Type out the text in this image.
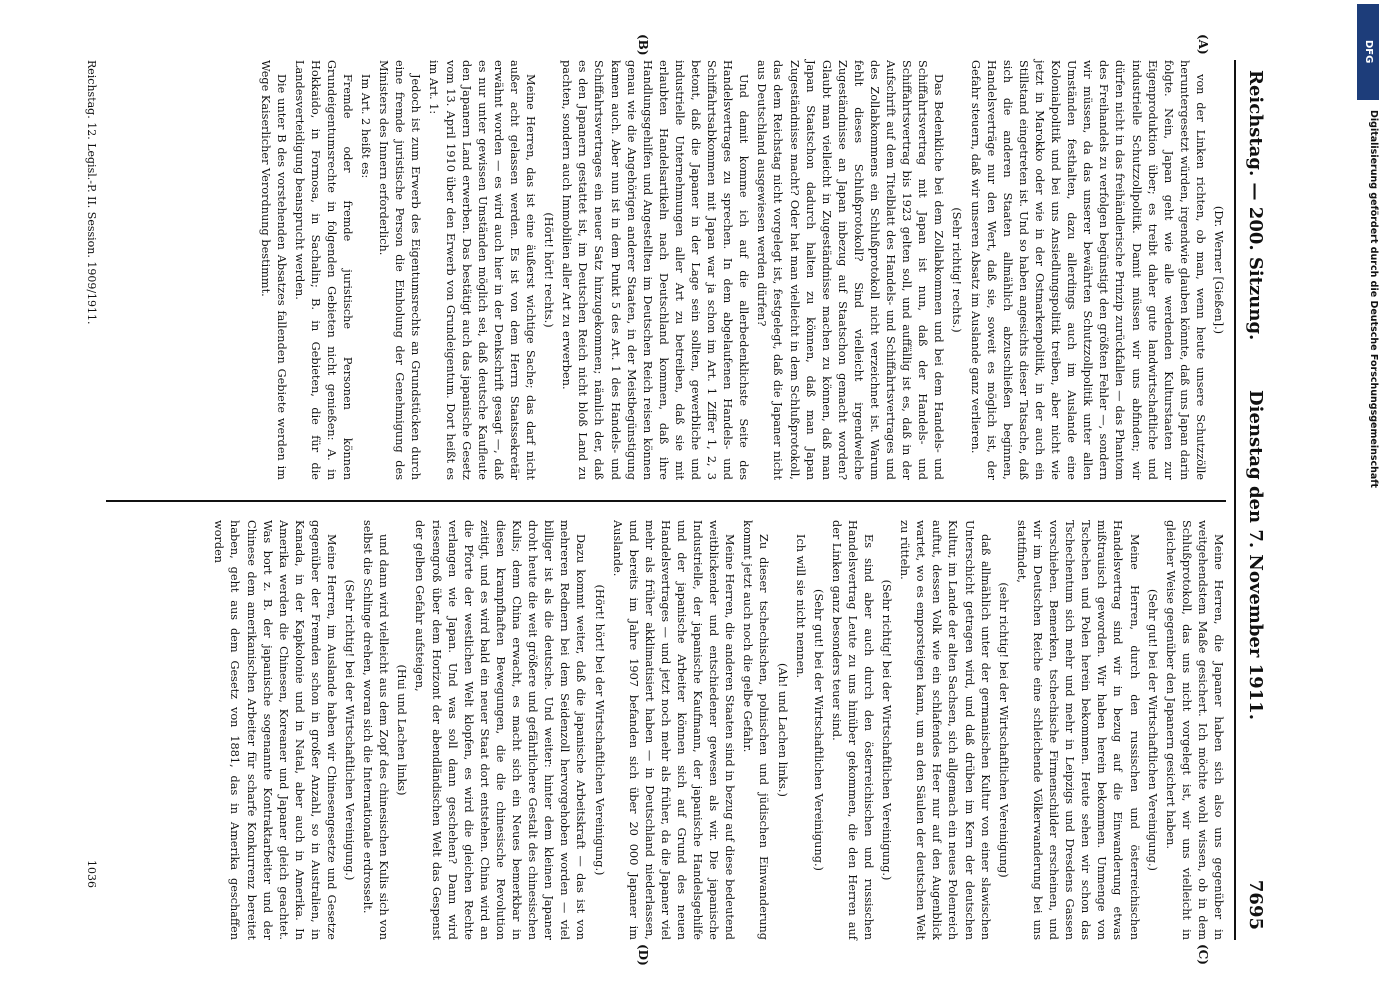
Reichstag. — 200. Sitzung.
Dienstag den 7. November 1911.
7695
(A)
(B)
(C)
(D)

(Dr. Werner [Gießen].)

von der Linken richten, ob man, wenn heute unsere Schutzzölle heruntergesetzt würden, irgendwie glauben könnte, daß uns Japan darin folgte. Nein, Japan geht wie alle werdenden Kulturstaaten zur Eigenproduktion über; es treibt daher gute landwirtschaftliche und industrielle Schutzzollpolitik. Damit müssen wir uns abfinden; wir dürfen nicht in das freihändlerische Prinzip zurückfallen — das Phantom des Freihandels zu verfolgen begünstigt den größten Fehler —, sondern wir müssen, da das unserer bewährten Schutzzollpolitik unter allen Umständen festhalten, dazu allerdings auch im Auslande eine Kolonialpolitik und bei uns Ansiedlungspolitik treiben, aber nicht wie jetzt in Marokko oder wie in der Ostmarkenpolitik, in der auch ein Stillstand eingetreten ist. Und so haben angesichts dieser Tatsache, daß sich die anderen Staaten allmählich abzuschließen beginnen, Handelsverträge nur den Wert, daß sie, soweit es möglich ist, der Gefahr steuern, daß wir unseren Absatz im Auslande ganz verlieren.

(Sehr richtig! rechts.)

Das Bedenkliche bei dem Zollabkommen und bei dem Handels- und Schiffahrtsvertrag mit Japan ist nun, daß der Handels- und Schiffahrtsvertrag bis 1923 gelten soll, und auffällig ist es, daß in der Aufschrift auf dem Titelblatt des Handels- und Schiffahrtsvertrages und des Zollabkommens ein Schlußprotokoll nicht verzeichnet ist. Warum fehlt dieses Schlußprotokoll? Sind vielleicht irgendwelche Zugeständnisse an Japan inbezug auf Staatschon gemacht worden? Glaubt man vielleicht in Zugeständnisse machen zu können, daß man Japan Staatschon dadurch halten zu können, daß man Japan Zugeständnisse macht? Oder hat man vielleicht in dem Schlußprotokoll, das dem Reichstag nicht vorgelegt ist, festgelegt, daß die Japaner nicht aus Deutschland ausgewiesen werden dürfen?

Und damit komme ich auf die allerbedenklichste Seite des Handelsvertrages zu sprechen. In dem abgelaufenen Handels- und Schiffahrtsabkommen mit Japan war ja schon im Art. 1 Ziffer 1, 2, 3 betont, daß die Japaner in der Lage sein sollten, gewerbliche und industrielle Unternehmungen aller Art zu betreiben, daß sie mit erlaubten Handelsartikeln nach Deutschland kommen, daß ihre Handlungsgehilfen und Angestellten im Deutschen Reich reisen können genau wie die Angehörigen anderer Staaten, in der Meistbegünstigung kamen auch. Aber nun ist in dem Punkt 5 des Art. 1 des Handels- und Schiffahrtsvertrages ein neuer Satz hinzugekommen; nämlich der, daß es den Japanern gestattet ist, im Deutschen Reich nicht bloß Land zu pachten, sondern auch Immobilien aller Art zu erwerben.

(Hört! hört! rechts.)

Meine Herren, das ist eine äußerst wichtige Sache; das darf nicht außer acht gelassen werden. Es ist von dem Herrn Staatssekretär erwähnt worden — es wird auch hier in der Denkschrift gesagt —, daß es nur unter gewissen Umständen möglich sei, daß deutsche Kaufleute den Japanern Land erwerben. Das bestätigt auch das japanische Gesetz vom 13. April 1910 über den Erwerb von Grundeigentum. Dort heißt es im Art. 1:

Jedoch ist zum Erwerb des Eigentumsrechts an Grundstücken durch eine fremde juristische Person die Einholung der Genehmigung des Ministers des Innern erforderlich.

Im Art. 2 heißt es:

Fremde oder fremde juristische Personen können Grundeigentumsrechte in folgenden Gebieten nicht genießen: A. in Hokkaido, in Formosa, in Sachalin; B. in Gebieten, die für die Landesverteidigung beansprucht werden.

Die unter B des vorstehenden Absatzes fallenden Gebiete werden im Wege Kaiserlicher Verordnung bestimmt.

Meine Herren, die Japaner haben sich also uns gegenüber in weitgehendstem Maße gesichert. Ich möchte wohl wissen, ob in dem Schlußprotokoll, das uns nicht vorgelegt ist, wir uns vielleicht in gleicher Weise gegenüber den Japanern gesichert haben.

(Sehr gut! bei der Wirtschaftlichen Vereinigung.)

Meine Herren, durch den russischen und österreichischen Handelsvertrag sind wir in bezug auf die Einwanderung etwas mißtrauisch geworden. Wir haben herein bekommen. Unmenge von Tschechen und Polen herein bekommen. Heute sehen wir schon das Tschechentum sich mehr und mehr in Leipzigs und Dresdens Gassen vorschieben. Bemerken, tschechische Firmenschilder erscheinen, und wir im Deutschen Reiche eine schleichende Völkerwanderung bei uns stattfindet,

(sehr richtig! bei der Wirtschaftlichen Vereinigung)

daß allmählich unter der germanischen Kultur von einer slawischen Unterschicht getragen wird, und daß drüben im Kern der deutschen Kultur, im Lande der alten Sachsen, sich allgemach ein neues Polenreich auftut, dessen Volk wie ein schlafendes Heer nur auf den Augenblick wartet, wo es emporsteigen kann, um an den Säulen der deutschen Welt zu rütteln.

(Sehr richtig! bei der Wirtschaftlichen Vereinigung.)

Es sind aber auch durch den österreichischen und russischen Handelsvertrag Leute zu uns hinüber gekommen, die den Herren auf der Linken ganz besonders teuer sind.

(Sehr gut! bei der Wirtschaftlichen Vereinigung.)

Ich will sie nicht nennen.

(Ah! und Lachen links.)

Zu dieser tschechischen, polnischen und jüdischen Einwanderung kommt jetzt auch noch die gelbe Gefahr.

Meine Herren, die anderen Staaten sind in bezug auf diese bedeutend weitblickender und entschiedener gewesen als wir. Die japanische Industrielle, der japanische Kaufmann, der japanische Handelsgehilfe und der japanische Arbeiter können sich auf Grund des neuen Handelsvertrages — und jetzt noch mehr als früher, da die Japaner viel mehr als früher akklimatisiert haben — in Deutschland niederlassen, und bereits im Jahre 1907 befanden sich über 20 000 Japaner im Auslande.

(Hört! hört! bei der Wirtschaftlichen Vereinigung.)

Dazu kommt weiter, daß die japanische Arbeitskraft — das ist von mehreren Rednern bei dem Seidenzoll hervorgehoben worden — viel billiger ist als die deutsche. Und weiter: hinter dem kleinen Japaner droht heute die weit größere und gefährlichere Gestalt des chinesischen Kulis; denn China erwacht, es macht sich ein Neues bemerkbar in diesen krampfhaften Bewegungen, die die chinesische Revolution zeitigt, und es wird bald ein neuer Staat dort entstehen. China wird an die Pforte der westlichen Welt klopfen, es wird die gleichen Rechte verlangen wie Japan. Und was soll dann geschehen? Dann wird riesengroß über dem Horizont der abendländischen Welt das Gespenst der gelben Gefahr aufsteigen,

(Hui und Lachen links)

und dann wird vielleicht aus dem Zopf des chinesischen Kulis sich von selbst die Schlinge drehen, woran sich die Internationale erdrosselt.

(Sehr richtig! bei der Wirtschaftlichen Vereinigung.)

Meine Herren, im Auslande haben wir Chinesengesetze und Gesetze gegenüber der Fremden schon in großer Anzahl, so in Australien, in Kanada, in der Kapkolonie und in Natal, aber auch in Amerika. In Amerika werden die Chinesen, Koreaner und Japaner gleich geachtet. Was bort z. B. der japanische sogenannte Kontraktarbeiter und der Chinese dem amerikanischen Arbeiter für scharfe Konkurrenz bereitet haben, geht aus dem Gesetz von 1881, das in Amerika geschaffen worden

Reichstag. 12. Legisl.-P. II. Session. 1909/1911.
1036
DFG
Digitalisierung gefördert durch die Deutsche Forschungsgemeinschaft
